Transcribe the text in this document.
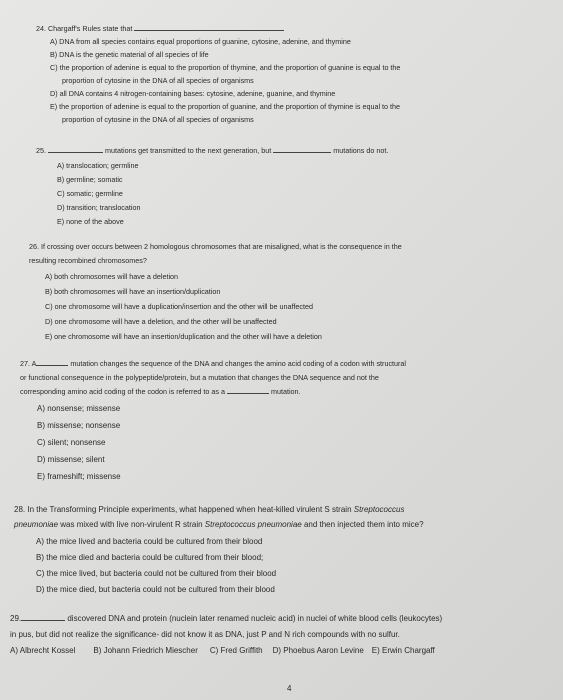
24. Chargaff's Rules state that
A) DNA from all species contains equal proportions of guanine, cytosine, adenine, and thymine
B) DNA is the genetic material of all species of life
C) the proportion of adenine is equal to the proportion of thymine, and the proportion of guanine is equal to the
proportion of cytosine in the DNA of all species of organisms
D) all DNA contains 4 nitrogen-containing bases: cytosine, adenine, guanine, and thymine
E) the proportion of adenine is equal to the proportion of guanine, and the proportion of thymine is equal to the
proportion of cytosine in the DNA of all species of organisms
25.	mutations get transmitted to the next generation, but	mutations do not.
A) translocation; germline
B) germline; somatic
C) somatic; germline
D) transition; translocation
E) none of the above
26. If crossing over occurs between 2 homologous chromosomes that are misaligned, what is the consequence in the
resulting recombined chromosomes?
A) both chromosomes will have a deletion
B) both chromosomes will have an insertion/duplication
C) one chromosome will have a duplication/insertion and the other will be unaffected
D) one chromosome will have a deletion, and the other will be unaffected
E) one chromosome will have an insertion/duplication and the other will have a deletion
27. A	mutation changes the sequence of the DNA and changes the amino acid coding of a codon with structural
or functional consequence in the polypeptide/protein, but a mutation that changes the DNA sequence and not the
corresponding amino acid coding of the codon is referred to as a	mutation.
A) nonsense; missense
B) missense; nonsense
C) silent; nonsense
D) missense; silent
E) frameshift; missense
28. In the Transforming Principle experiments, what happened when heat-killed virulent S strain Streptococcus
pneumoniae was mixed with live non-virulent R strain Streptococcus pneumoniae and then injected them into mice?
A) the mice lived and bacteria could be cultured from their blood
B) the mice died and bacteria could be cultured from their blood;
C) the mice lived, but bacteria could not be cultured from their blood
D) the mice died, but bacteria could not be cultured from their blood
29.	discovered DNA and protein (nuclein later renamed nucleic acid) in nuclei of white blood cells (leukocytes)
in pus, but did not realize the significance- did not know it as DNA, just P and N rich compounds with no sulfur.
A) Albrecht Kossel B) Johann Friedrich Miescher C) Fred Griffith D) Phoebus Aaron Levine E) Erwin Chargaff
4
